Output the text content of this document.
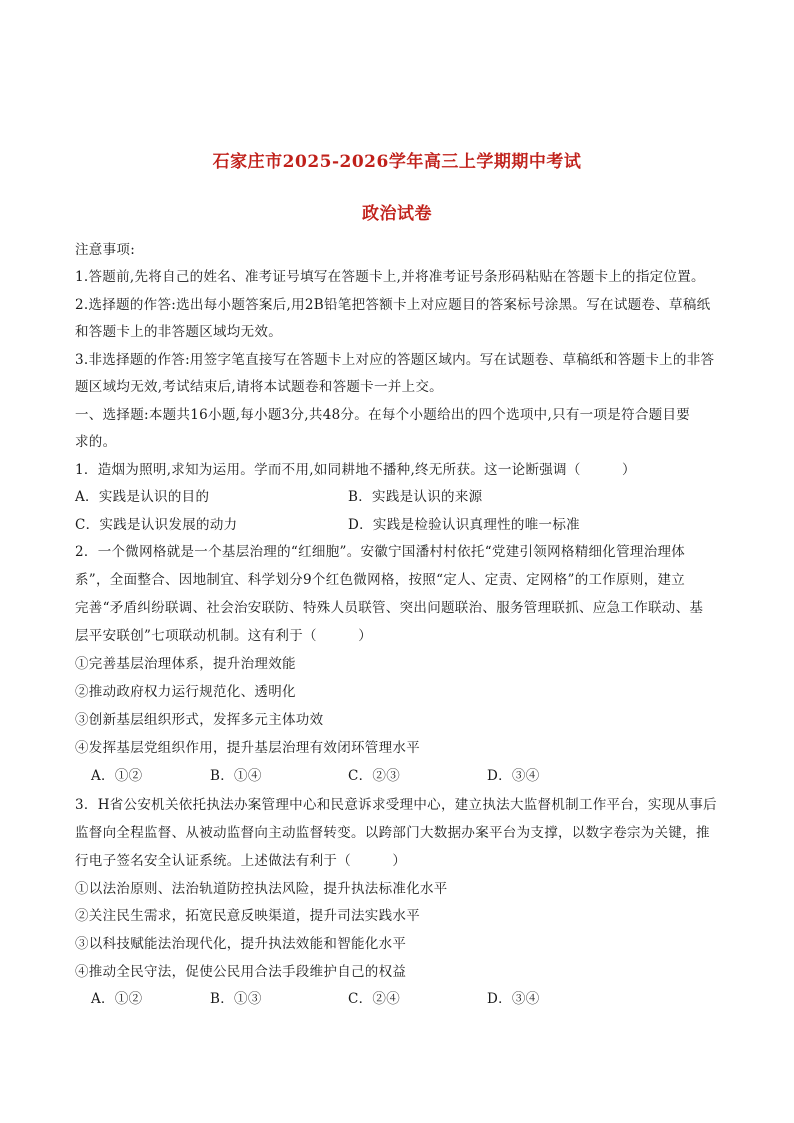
石家庄市2025-2026学年高三上学期期中考试
政治试卷
注意事项:
1.答题前,先将自己的姓名、准考证号填写在答题卡上,并将准考证号条形码粘贴在答题卡上的指定位置。
2.选择题的作答:选出每小题答案后,用2B铅笔把答额卡上对应题目的答案标号涂黑。写在试题卷、草稿纸
和答题卡上的非答题区域均无效。
3.非选择题的作答:用签字笔直接写在答题卡上对应的答题区域内。写在试题卷、草稿纸和答题卡上的非答
题区域均无效,考试结束后,请将本试题卷和答题卡一并上交。
一、选择题:本题共16小题,每小题3分,共48分。在每个小题给出的四个选项中,只有一项是符合题目要
求的。
1．造烟为照明,求知为运用。学而不用,如同耕地不播种,终无所获。这一论断强调（　　　）
A．实践是认识的目的	B．实践是认识的来源
C．实践是认识发展的动力	D．实践是检验认识真理性的唯一标准
2．一个微网格就是一个基层治理的“红细胞”。安徽宁国潘村村依托“党建引领网格精细化管理治理体
系”，全面整合、因地制宜、科学划分9个红色微网格，按照“定人、定责、定网格”的工作原则，建立
完善“矛盾纠纷联调、社会治安联防、特殊人员联管、突出问题联治、服务管理联抓、应急工作联动、基
层平安联创”七项联动机制。这有利于（　　　）
①完善基层治理体系，提升治理效能
②推动政府权力运行规范化、透明化
③创新基层组织形式，发挥多元主体功效
④发挥基层党组织作用，提升基层治理有效闭环管理水平
A．①②	B．①④	C．②③	D．③④
3．H省公安机关依托执法办案管理中心和民意诉求受理中心，建立执法大监督机制工作平台，实现从事后
监督向全程监督、从被动监督向主动监督转变。以跨部门大数据办案平台为支撑，以数字卷宗为关键，推
行电子签名安全认证系统。上述做法有利于（　　　）
①以法治原则、法治轨道防控执法风险，提升执法标准化水平
②关注民生需求，拓宽民意反映渠道，提升司法实践水平
③以科技赋能法治现代化，提升执法效能和智能化水平
④推动全民守法，促使公民用合法手段维护自己的权益
A．①②	B．①③	C．②④	D．③④
